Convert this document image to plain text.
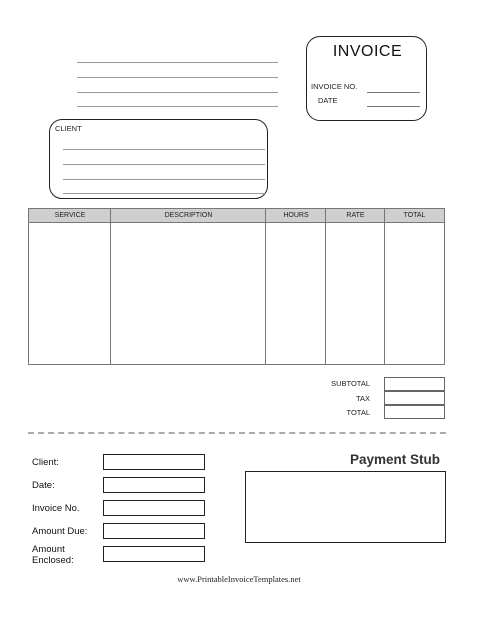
INVOICE
INVOICE NO.
DATE
CLIENT
SERVICE	DESCRIPTION	HOURS	RATE	TOTAL
SUBTOTAL
TAX
TOTAL
Client:
Date:
Invoice No.
Amount Due:
Amount
Enclosed:
Payment Stub
www.PrintableInvoiceTemplates.net
